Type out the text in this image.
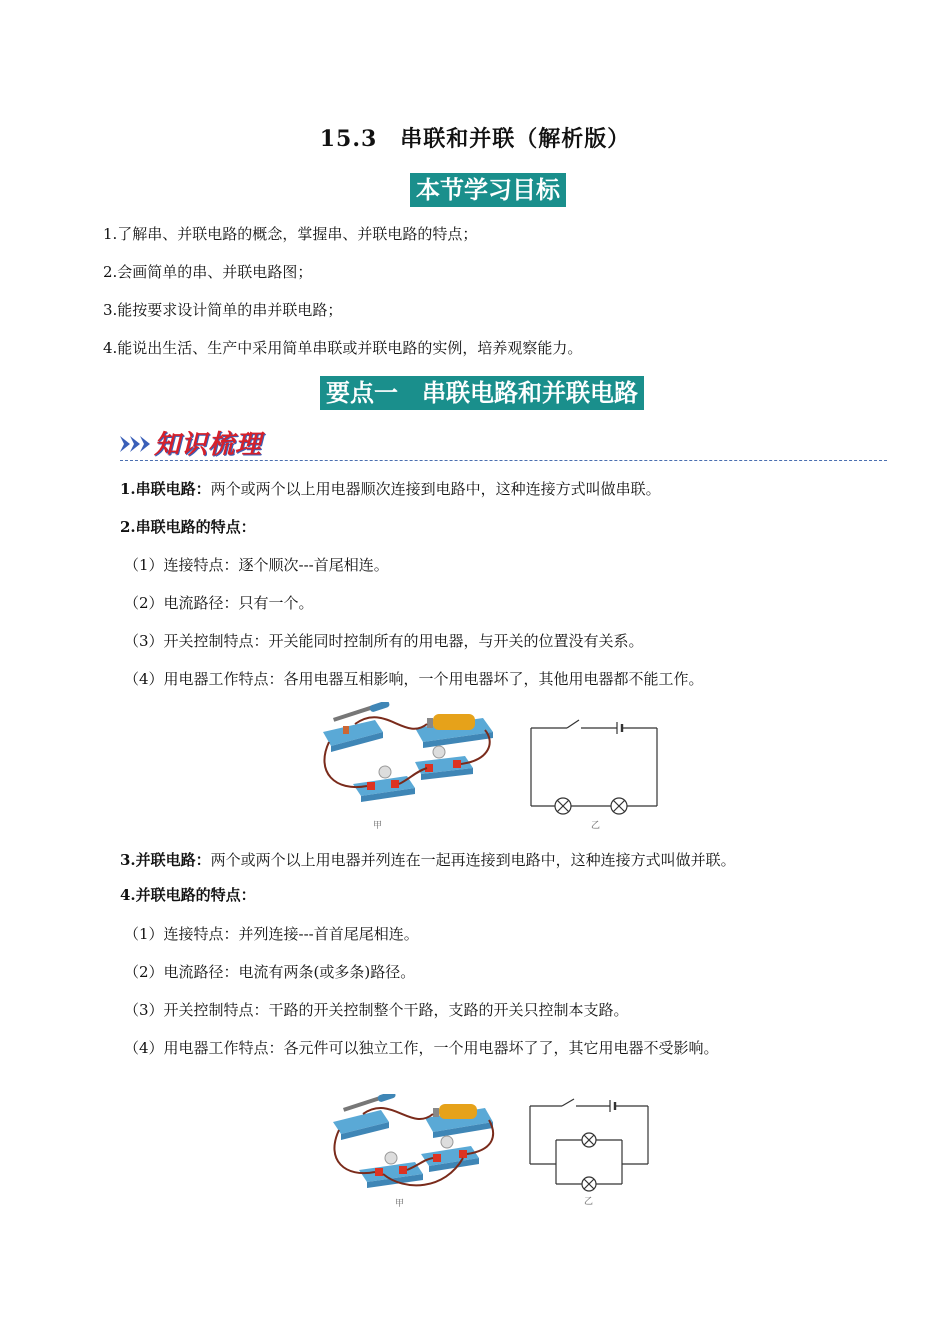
15.3　串联和并联（解析版）
本节学习目标
1.了解串、并联电路的概念，掌握串、并联电路的特点；
2.会画简单的串、并联电路图；
3.能按要求设计简单的串并联电路；
4.能说出生活、生产中采用简单串联或并联电路的实例，培养观察能力。
要点一　串联电路和并联电路
知识梳理
1.串联电路：两个或两个以上用电器顺次连接到电路中，这种连接方式叫做串联。
2.串联电路的特点：
（1）连接特点：逐个顺次---首尾相连。
（2）电流路径：只有一个。
（3）开关控制特点：开关能同时控制所有的用电器，与开关的位置没有关系。
（4）用电器工作特点：各用电器互相影响，一个用电器坏了，其他用电器都不能工作。
甲	乙
3.并联电路：两个或两个以上用电器并列连在一起再连接到电路中，这种连接方式叫做并联。
4.并联电路的特点：
（1）连接特点：并列连接---首首尾尾相连。
（2）电流路径：电流有两条(或多条)路径。
（3）开关控制特点：干路的开关控制整个干路，支路的开关只控制本支路。
（4）用电器工作特点：各元件可以独立工作，一个用电器坏了了，其它用电器不受影响。
甲	乙
